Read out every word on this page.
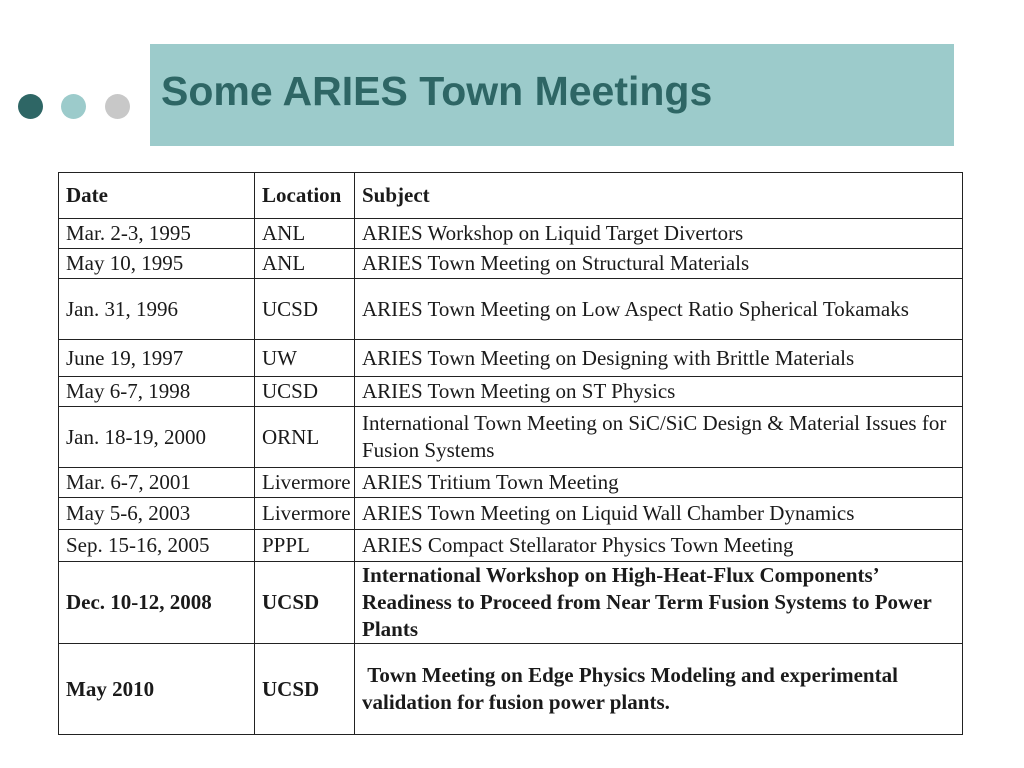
Some ARIES Town Meetings
Date	Location	Subject
Mar. 2-3, 1995	ANL	ARIES Workshop on Liquid Target Divertors
May 10, 1995	ANL	ARIES Town Meeting on Structural Materials
Jan. 31, 1996	UCSD	ARIES Town Meeting on Low Aspect Ratio Spherical Tokamaks
June 19, 1997	UW	ARIES Town Meeting on Designing with Brittle Materials
May 6-7, 1998	UCSD	ARIES Town Meeting on ST Physics
Jan. 18-19, 2000	ORNL	International Town Meeting on SiC/SiC Design & Material Issues for Fusion Systems
Mar. 6-7, 2001	Livermore	ARIES Tritium Town Meeting
May 5-6, 2003	Livermore	ARIES Town Meeting on Liquid Wall Chamber Dynamics
Sep. 15-16, 2005	PPPL	ARIES Compact Stellarator Physics Town Meeting
Dec. 10-12, 2008	UCSD	International Workshop on High-Heat-Flux Components’ Readiness to Proceed from Near Term Fusion Systems to Power Plants
May 2010	UCSD	Town Meeting on Edge Physics Modeling and experimental validation for fusion power plants.
